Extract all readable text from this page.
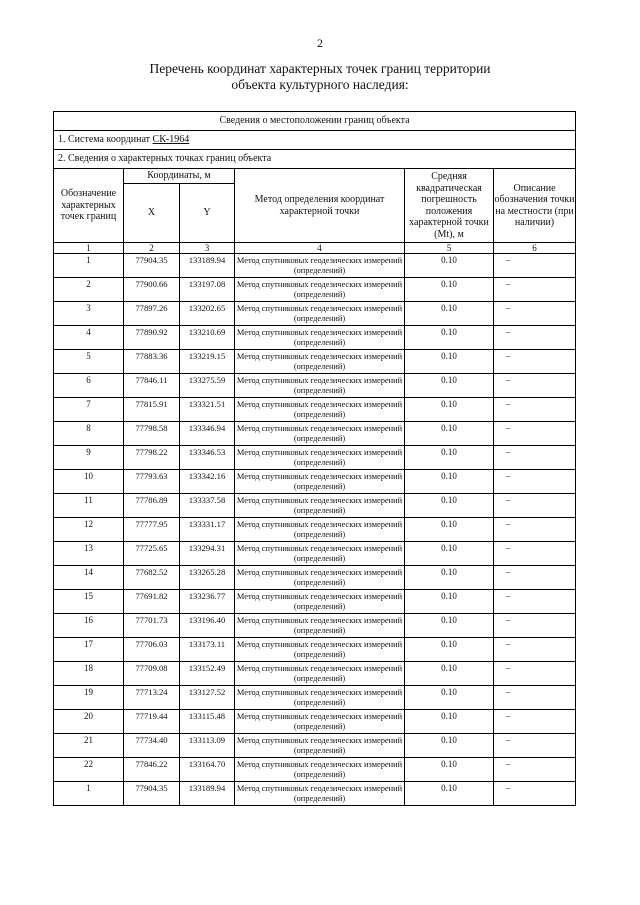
2
Перечень координат характерных точек границ территории
объекта культурного наследия:
Сведения о местоположении границ объекта					
1. Система координат СК-1964					
2. Сведения о характерных точках границ объекта					
Обозначение характерных точек границ	Координаты, м		Метод определения координат характерной точки	Средняя квадратическая погрешность положения характерной точки (Mt), м	Описание обозначения точки на местности (при наличии)
	X	Y			
1	2	3	4	5	6
1	77904.35	133189.94	Метод спутниковых геодезических измерений (определений)	0.10	–
2	77900.66	133197.08	Метод спутниковых геодезических измерений (определений)	0.10	–
3	77897.26	133202.65	Метод спутниковых геодезических измерений (определений)	0.10	–
4	77890.92	133210.69	Метод спутниковых геодезических измерений (определений)	0.10	–
5	77883.36	133219.15	Метод спутниковых геодезических измерений (определений)	0.10	–
6	77846.11	133275.59	Метод спутниковых геодезических измерений (определений)	0.10	–
7	77815.91	133321.51	Метод спутниковых геодезических измерений (определений)	0.10	–
8	77798.58	133346.94	Метод спутниковых геодезических измерений (определений)	0.10	–
9	77798.22	133346.53	Метод спутниковых геодезических измерений (определений)	0.10	–
10	77793.63	133342.16	Метод спутниковых геодезических измерений (определений)	0.10	–
11	77786.89	133337.58	Метод спутниковых геодезических измерений (определений)	0.10	–
12	77777.95	133331.17	Метод спутниковых геодезических измерений (определений)	0.10	–
13	77725.65	133294.31	Метод спутниковых геодезических измерений (определений)	0.10	–
14	77682.52	133265.28	Метод спутниковых геодезических измерений (определений)	0.10	–
15	77691.82	133236.77	Метод спутниковых геодезических измерений (определений)	0.10	–
16	77701.73	133196.40	Метод спутниковых геодезических измерений (определений)	0.10	–
17	77706.03	133173.11	Метод спутниковых геодезических измерений (определений)	0.10	–
18	77709.08	133152.49	Метод спутниковых геодезических измерений (определений)	0.10	–
19	77713.24	133127.52	Метод спутниковых геодезических измерений (определений)	0.10	–
20	77719.44	133115.48	Метод спутниковых геодезических измерений (определений)	0.10	–
21	77734.40	133113.09	Метод спутниковых геодезических измерений (определений)	0.10	–
22	77846.22	133164.70	Метод спутниковых геодезических измерений (определений)	0.10	–
1	77904.35	133189.94	Метод спутниковых геодезических измерений (определений)	0.10	–
